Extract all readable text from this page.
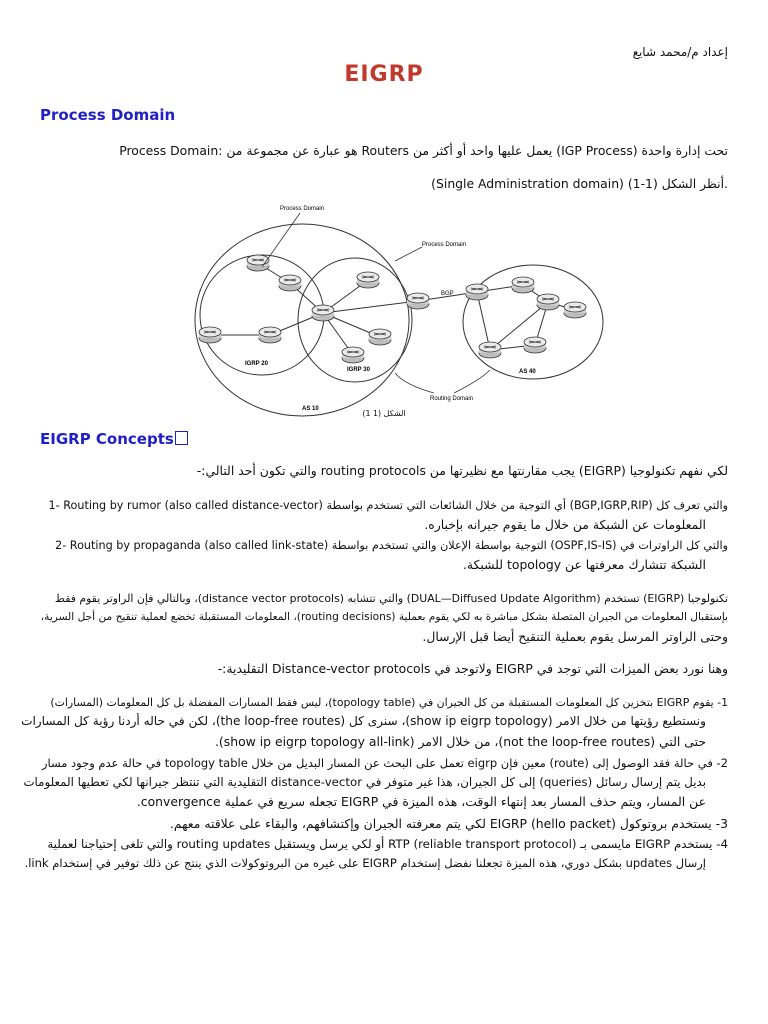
إعداد م/محمد شايع
EIGRP
Process Domain
Process Domain: هو عبارة عن مجموعة من Routers يعمل عليها واحد أو أكثر من (IGP Process) تحت إدارة واحدة
(Single Administration domain) أنظر الشكل (1-1).
Process Domain
Process Domain
BGP
IGRP 20
IGRP 30	AS 40
AS 10
Routing Domain
الشكل (1 1)
EIGRP Concepts
لكي نفهم تكنولوجيا (EIGRP) يجب مقارنتها مع نظيرتها من routing protocols والتي تكون أحد التالي:-
1- Routing by rumor (also called distance-vector) أي التوجية من خلال الشائعات التي تستخدم بواسطة (BGP,IGRP,RIP) والتي تعرف كل
المعلومات عن الشبكة من خلال ما يقوم جيرانه بإخباره.
2- Routing by propaganda (also called link-state) التوجية بواسطة الإعلان والتي تستخدم بواسطة (OSPF,IS-IS) والتي كل الراوترات في
الشبكة تتشارك معرفتها عن topology للشبكة.
تكنولوجيا (EIGRP) تستخدم (DUAL—Diffused Update Algorithm) والتي تتشابه (distance vector protocols)، وبالتالي فإن الراوتر يقوم فقط
بإستقبال المعلومات من الجيران المتصلة بشكل مباشرة به لكي يقوم بعملية (routing decisions)، المعلومات المستقبلة تخضع لعملية تنقيح من أجل السرية،
وحتى الراوتر المرسل يقوم بعملية التنقيح أيضا قبل الإرسال.
وهنا نورد بعض الميزات التي توجد في EIGRP ولاتوجد في Distance-vector protocols التقليدية:-
1- يقوم EIGRP بتخزين كل المعلومات المستقبلة من كل الجيران في (topology table)، ليس فقط المسارات المفضلة بل كل المعلومات (المسارات)
ونستطيع رؤيتها من خلال الامر (show ip eigrp topology)، سنرى كل (the loop-free routes)، لكن في حاله أردنا رؤية كل المسارات
حتى التي (not the loop-free routes)، من خلال الامر (show ip eigrp topology all-link).
2- في حالة فقد الوصول إلى (route) معين فإن eigrp تعمل على البحث عن المسار البديل من خلال topology table في حالة عدم وجود مسار
بديل يتم إرسال رسائل (queries) إلى كل الجيران، هذا غير متوفر في distance-vector التقليدية التي تنتظر جيرانها لكي تعطيها المعلومات
عن المسار، ويتم حذف المسار بعد إنتهاء الوقت، هذه الميزة في EIGRP تجعله سريع في عملية convergence.
3- يستخدم بروتوكول EIGRP (hello packet) لكي يتم معرفته الجيران وإكتشافهم، والبقاء على علاقته معهم.
4- يستخدم EIGRP مايسمى بـ RTP (reliable transport protocol) أو لكي يرسل ويستقبل routing updates والتي تلغى إحتياجنا لعملية
إرسال updates بشكل دوري، هذه الميزة تجعلنا نفضل إستخدام EIGRP على غيره من البروتوكولات الذي ينتج عن ذلك توفير في إستخدام link.
